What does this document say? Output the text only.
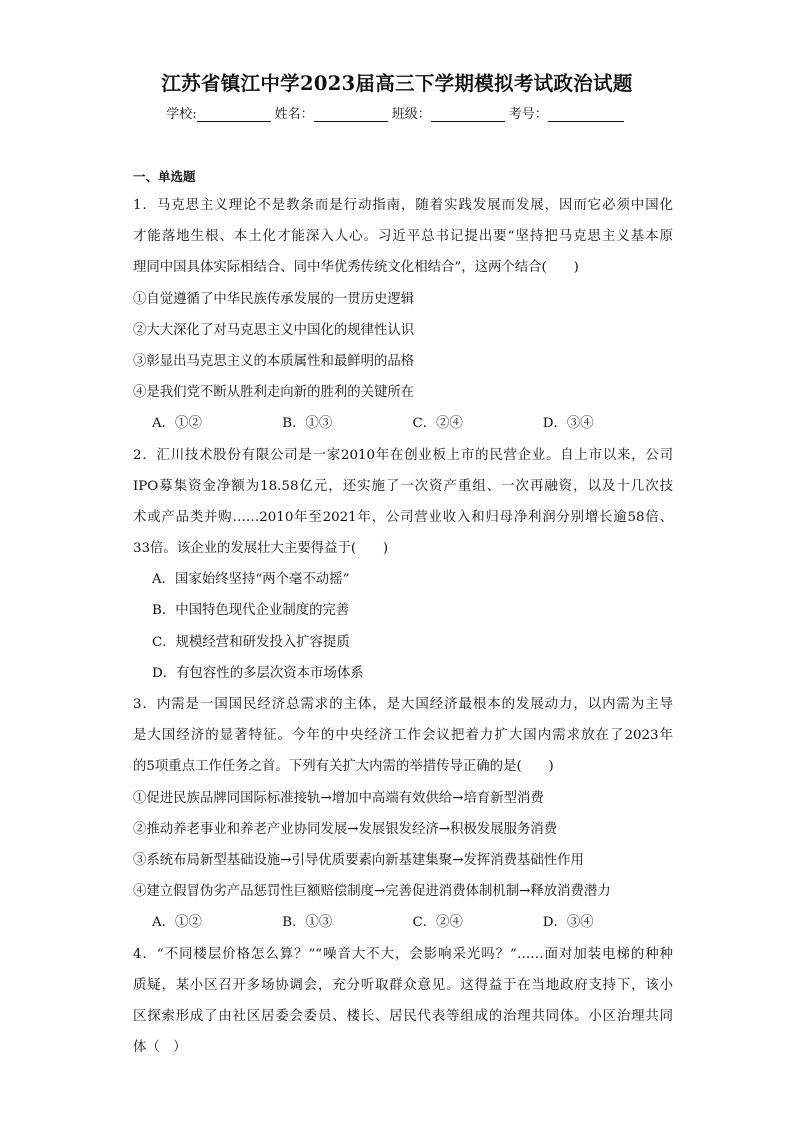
江苏省镇江中学2023届高三下学期模拟考试政治试题
学校:	姓名：	班级：	考号：
一、单选题
1．马克思主义理论不是教条而是行动指南，随着实践发展而发展，因而它必须中国化
才能落地生根、本土化才能深入人心。习近平总书记提出要“坚持把马克思主义基本原
理同中国具体实际相结合、同中华优秀传统文化相结合”，这两个结合(　　)
①自觉遵循了中华民族传承发展的一贯历史逻辑
②大大深化了对马克思主义中国化的规律性认识
③彰显出马克思主义的本质属性和最鲜明的品格
④是我们党不断从胜利走向新的胜利的关键所在
A．①②	B．①③	C．②④	D．③④
2．汇川技术股份有限公司是一家2010年在创业板上市的民营企业。自上市以来，公司
IPO募集资金净额为18.58亿元，还实施了一次资产重组、一次再融资，以及十几次技
术或产品类并购……2010年至2021年，公司营业收入和归母净利润分别增长逾58倍、
33倍。该企业的发展壮大主要得益于(　　)
A．国家始终坚持“两个毫不动摇”
B．中国特色现代企业制度的完善
C．规模经营和研发投入扩容提质
D．有包容性的多层次资本市场体系
3．内需是一国国民经济总需求的主体，是大国经济最根本的发展动力，以内需为主导
是大国经济的显著特征。今年的中央经济工作会议把着力扩大国内需求放在了2023年
的5项重点工作任务之首。下列有关扩大内需的举措传导正确的是(　　)
①促进民族品牌同国际标准接轨→增加中高端有效供给→培育新型消费
②推动养老事业和养老产业协同发展→发展银发经济→积极发展服务消费
③系统布局新型基础设施→引导优质要素向新基建集聚→发挥消费基础性作用
④建立假冒伪劣产品惩罚性巨额赔偿制度→完善促进消费体制机制→释放消费潜力
A．①②	B．①③	C．②④	D．③④
4．“不同楼层价格怎么算？”“噪音大不大，会影响采光吗？”……面对加装电梯的种种
质疑，某小区召开多场协调会，充分听取群众意见。这得益于在当地政府支持下，该小
区探索形成了由社区居委会委员、楼长、居民代表等组成的治理共同体。小区治理共同
体（　）
